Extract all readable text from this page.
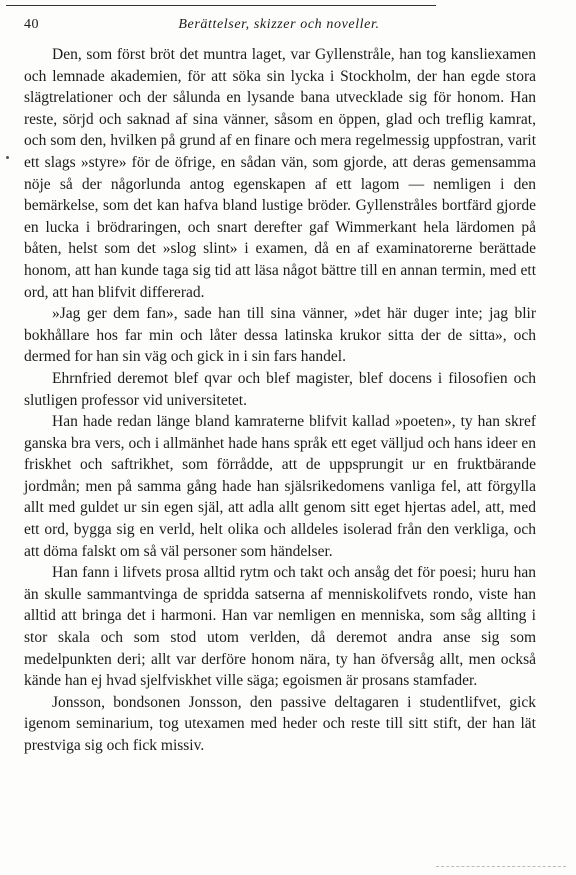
40	Berättelser, skizzer och noveller.

Den, som först bröt det muntra laget, var Gyllenstråle, han tog kansliexamen och lemnade akademien, för att söka sin lycka i Stockholm, der han egde stora slägtrelationer och der sålunda en lysande bana utvecklade sig för honom. Han reste, sörjd och saknad af sina vänner, såsom en öppen, glad och treflig kamrat, och som den, hvilken på grund af en finare och mera regelmessig uppfostran, varit ett slags »styre» för de öfrige, en sådan vän, som gjorde, att deras gemensamma nöje så der någorlunda antog egenskapen af ett lagom — nemligen i den bemärkelse, som det kan hafva bland lustige bröder. Gyllenstråles bortfärd gjorde en lucka i brödraringen, och snart derefter gaf Wimmerkant hela lärdomen på båten, helst som det »slog slint» i examen, då en af examinatorerne berättade honom, att han kunde taga sig tid att läsa något bättre till en annan termin, med ett ord, att han blifvit differerad.

»Jag ger dem fan», sade han till sina vänner, »det här duger inte; jag blir bokhållare hos far min och låter dessa latinska krukor sitta der de sitta», och dermed for han sin väg och gick in i sin fars handel.

Ehrnfried deremot blef qvar och blef magister, blef docens i filosofien och slutligen professor vid universitetet.

Han hade redan länge bland kamraterne blifvit kallad »poeten», ty han skref ganska bra vers, och i allmänhet hade hans språk ett eget välljud och hans ideer en friskhet och saftrikhet, som förrådde, att de uppsprungit ur en fruktbärande jordmån; men på samma gång hade han själsrikedomens vanliga fel, att förgylla allt med guldet ur sin egen själ, att adla allt genom sitt eget hjertas adel, att, med ett ord, bygga sig en verld, helt olika och alldeles isolerad från den verkliga, och att döma falskt om så väl personer som händelser.

Han fann i lifvets prosa alltid rytm och takt och ansåg det för poesi; huru han än skulle sammantvinga de spridda satserna af menniskolifvets rondo, viste han alltid att bringa det i harmoni. Han var nemligen en menniska, som såg allting i stor skala och som stod utom verlden, då deremot andra anse sig som medelpunkten deri; allt var derföre honom nära, ty han öfversåg allt, men också kände han ej hvad sjelfviskhet ville säga; egoismen är prosans stamfader.

Jonsson, bondsonen Jonsson, den passive deltagaren i studentlifvet, gick igenom seminarium, tog utexamen med heder och reste till sitt stift, der han lät prestviga sig och fick missiv.
